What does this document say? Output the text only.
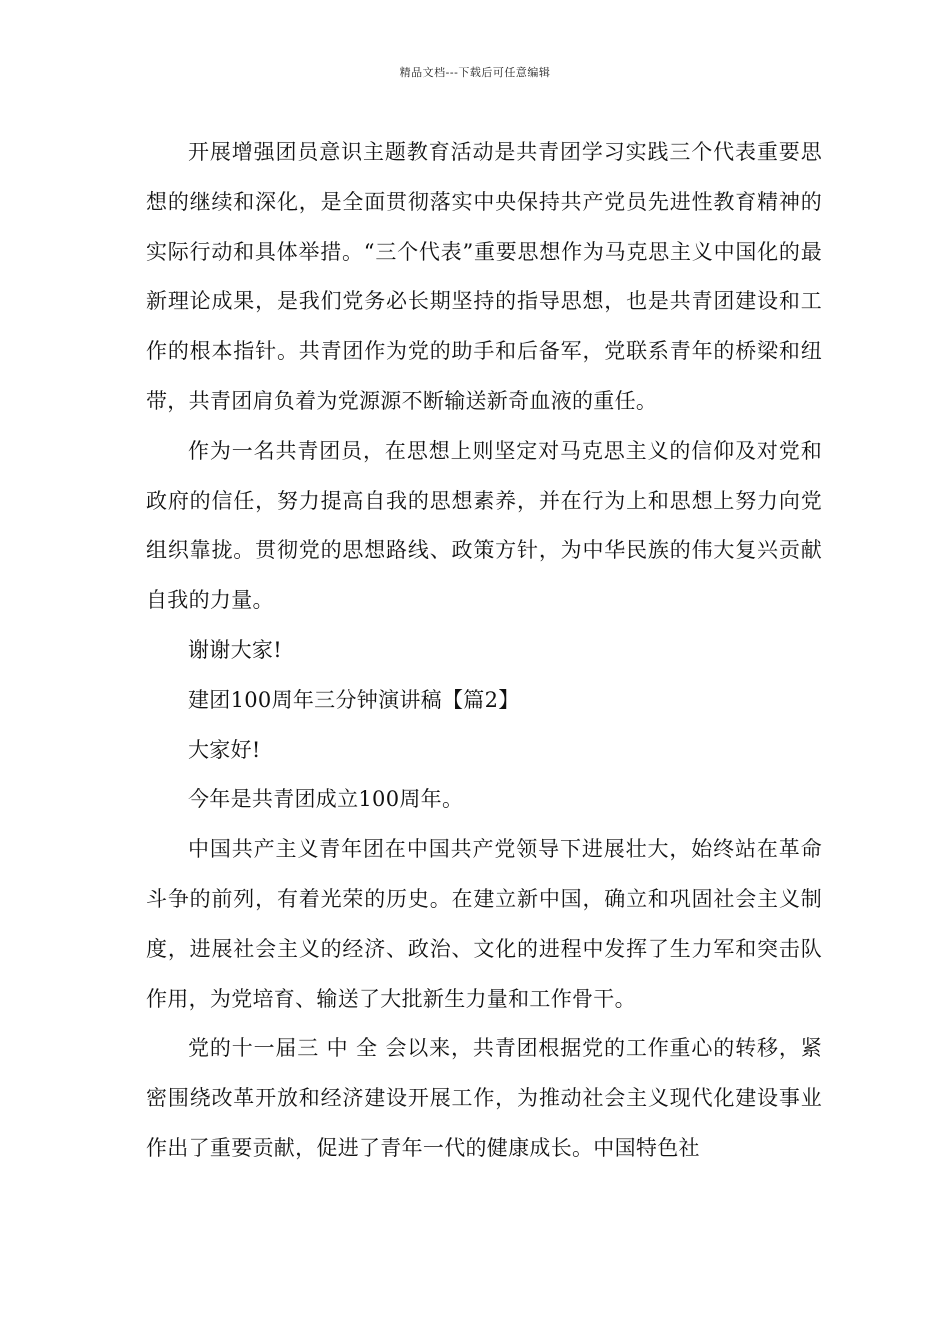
精品文档---下载后可任意编辑

开展增强团员意识主题教育活动是共青团学习实践三个代表重要思想的继续和深化，是全面贯彻落实中央保持共产党员先进性教育精神的实际行动和具体举措。“三个代表”重要思想作为马克思主义中国化的最 新理论成果，是我们党务必长期坚持的指导思想，也是共青团建设和工作的根本指针。共青团作为党的助手和后备军，党联系青年的桥梁和纽带，共青团肩负着为党源源不断输送新奇血液的重任。

作为一名共青团员，在思想上则坚定对马克思主义的信仰及对党和政府的信任，努力提高自我的思想素养，并在行为上和思想上努力向党组织靠拢。贯彻党的思想路线、政策方针，为中华民族的伟大复兴贡献自我的力量。

谢谢大家!

建团100周年三分钟演讲稿【篇2】

大家好!

今年是共青团成立100周年。

中国共产主义青年团在中国共产党领导下进展壮大，始终站在革命斗争的前列，有着光荣的历史。在建立新中国，确立和巩固社会主义制度，进展社会主义的经济、政治、文化的进程中发挥了生力军和突击队作用，为党培育、输送了大批新生力量和工作骨干。

党的十一届三 中 全 会以来，共青团根据党的工作重心的转移，紧密围绕改革开放和经济建设开展工作，为推动社会主义现代化建设事业作出了重要贡献，促进了青年一代的健康成长。中国特色社
